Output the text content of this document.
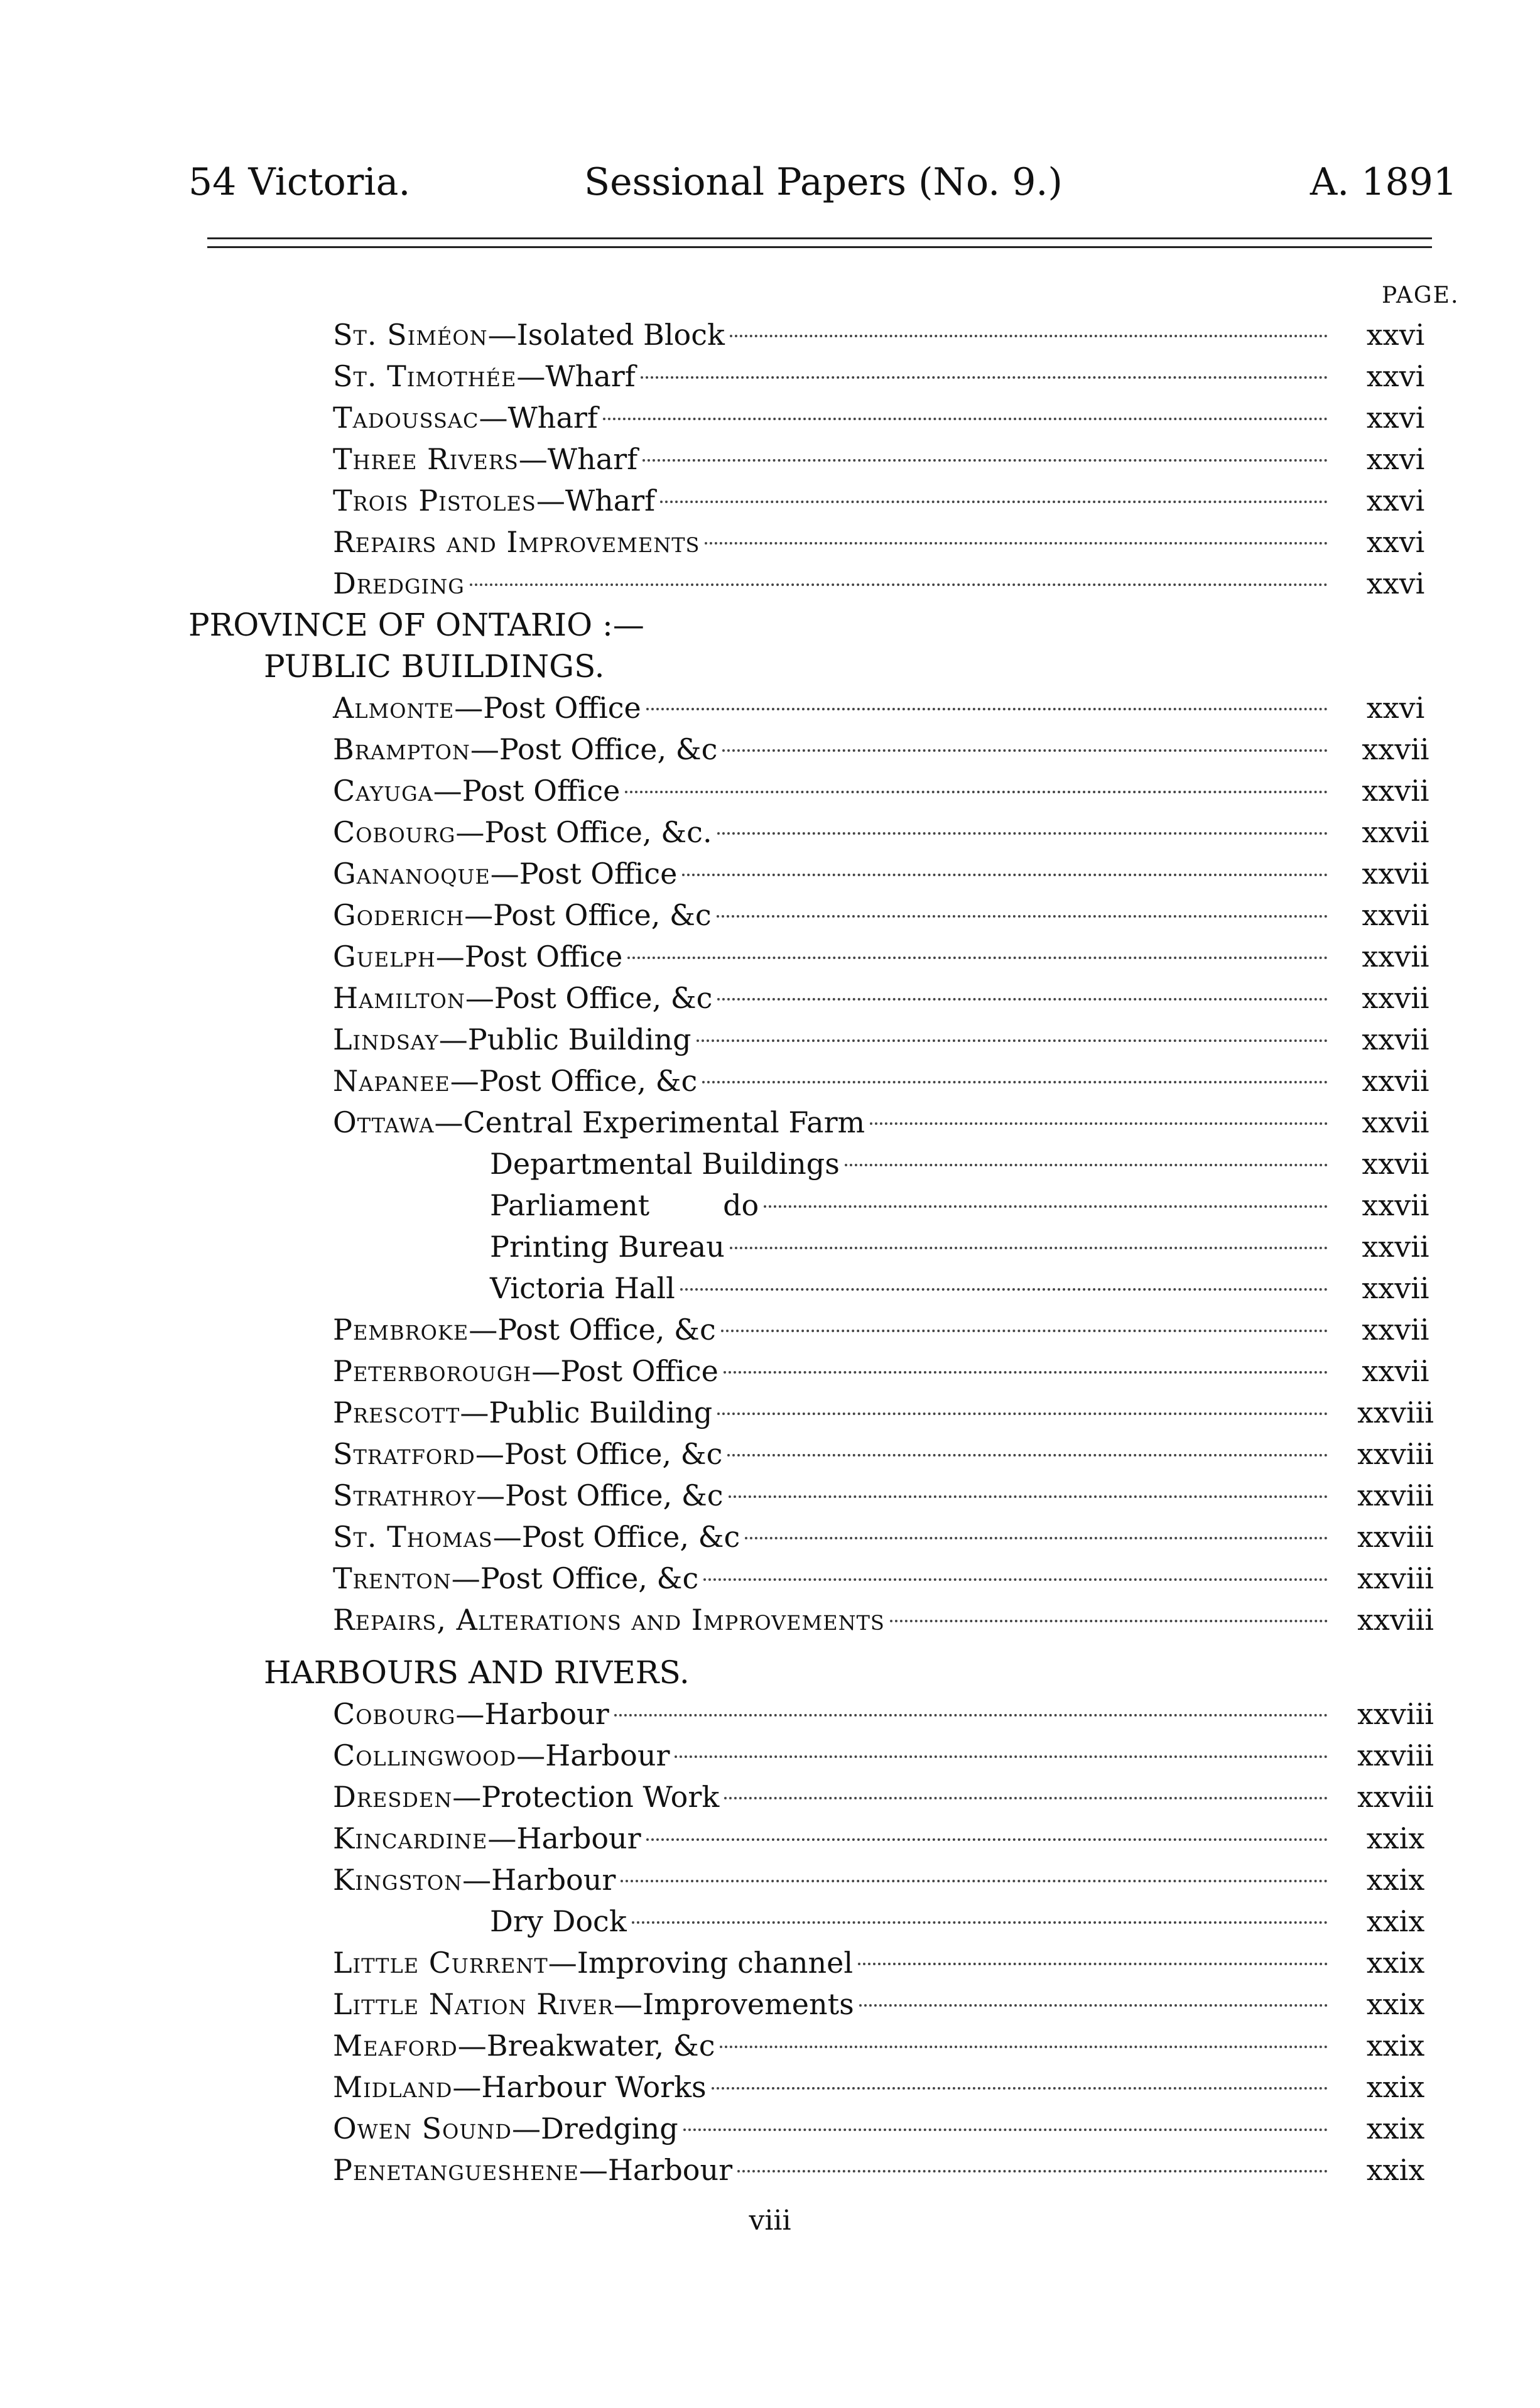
54 Victoria.	Sessional Papers (No. 9.)	A. 1891
PAGE.
St. Siméon—Isolated Block	xxvi
St. Timothée—Wharf	xxvi
Tadoussac—Wharf	xxvi
Three Rivers—Wharf	xxvi
Trois Pistoles—Wharf	xxvi
Repairs and Improvements	xxvi
Dredging	xxvi
PROVINCE OF ONTARIO :—
PUBLIC BUILDINGS.
Almonte—Post Office	xxvi
Brampton—Post Office, &c	xxvii
Cayuga—Post Office	xxvii
Cobourg—Post Office, &c.	xxvii
Gananoque—Post Office	xxvii
Goderich—Post Office, &c	xxvii
Guelph—Post Office	xxvii
Hamilton—Post Office, &c	xxvii
Lindsay—Public Building	xxvii
Napanee—Post Office, &c	xxvii
Ottawa—Central Experimental Farm	xxvii
Departmental Buildings	xxvii
Parliament        do	xxvii
Printing Bureau	xxvii
Victoria Hall	xxvii
Pembroke—Post Office, &c	xxvii
Peterborough—Post Office	xxvii
Prescott—Public Building	xxviii
Stratford—Post Office, &c	xxviii
Strathroy—Post Office, &c	xxviii
St. Thomas—Post Office, &c	xxviii
Trenton—Post Office, &c	xxviii
Repairs, Alterations and Improvements	xxviii
HARBOURS AND RIVERS.
Cobourg—Harbour	xxviii
Collingwood—Harbour	xxviii
Dresden—Protection Work	xxviii
Kincardine—Harbour	xxix
Kingston—Harbour	xxix
Dry Dock	xxix
Little Current—Improving channel	xxix
Little Nation River—Improvements	xxix
Meaford—Breakwater, &c	xxix
Midland—Harbour Works	xxix
Owen Sound—Dredging	xxix
Penetangueshene—Harbour	xxix
viii
